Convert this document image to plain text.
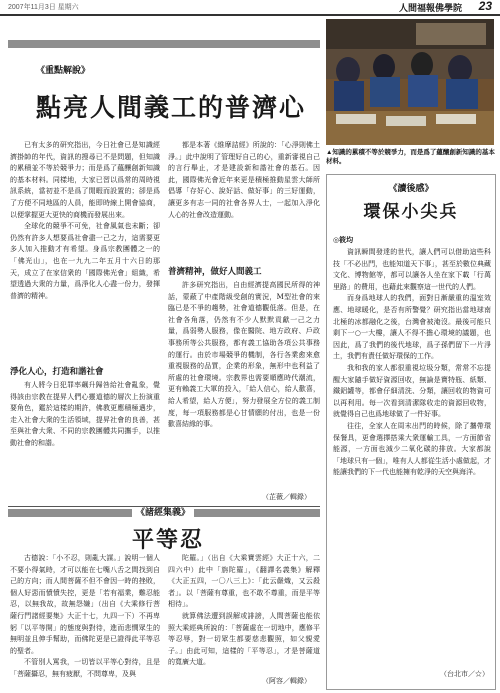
2007年11月3日 星期六	人間福報佛學院 23
《重點解說》
點亮人間義工的普濟心

已有太多的研究指出，今日社會已是知識經濟掛帥的年代，資訊的搜尋已不是問題，但知識的累積並不等於競爭力；而是爲了蘊釀創新知識的基本材料。同樣地，大家已習以爲常的周時視訊系統，當初並不是爲了閒暇而設置的；卻是爲了方便不同地區的人員，能即時線上開會協商，以便掌握更大更快的商機而發展出來。

全球化的競爭不可免，社會風氣也未斷；卻仍然有許多人想要爲社會盡一己之力，這需要更多人加入推動才有希望。身爲宗教團體之一的「佛光山」，也在一九九二年五月十六日的那天，成立了在家信衆的「國際佛光會」組織，希望透過大衆的力量，爲淨化人心盡一份力，發揮普濟的精神。

淨化人心，打造和諧社會

有人將今日犯罪率飆升歸咎給社會亂象，覺得該由宗教在提昇人們心靈道德的層次上扮演重要角色，鑑於這樣的期許，佛教更應積極邁步，走入社會大衆的生活領域，提昇社會的良善，甚至與社會大衆、不同的宗教團體共同攜手，以推動社會的和諧。

都是本著《維摩詰經》所說的：「心淨則佛土淨。」此中說明了管理好自己的心，重新審視自己的言行舉止，才是建設新和諧社會的基石。因此，國際佛光會近年來更是積極推動星雲大師所倡導「存好心、說好話、做好事」的三好運動，讓更多有志一同的社會各界人士，一起加入淨化人心的社會改造運動。

普濟精神，做好人間義工

許多研究指出，自由經濟提高國民所得的神話，蒙蔽了中產階級受創的實況，M型社會的來臨已是不爭的趨勢，社會道德觀低落。但是，在社會各角落，仍然有不少人默默貢獻一己之力量，爲弱勢人服務，像在醫院、地方政府、戶政事務所等公共服務，都有義工協助各項公共事務的運行。由於市場競爭的機制，各行各業愈來愈重視服務的品質，企業的形象，無形中也利益了所處的社會環境。宗教界也需要順應時代潮流，更有賴義工大軍的投入，「給人信心，給人歡喜，給人希望，給人方便」，努力發展全方位的義工制度，每一項服務都是心甘情願的付出，也是一份歡喜結緣的事。

（芷薇／輯錄）
《諸經集義》
平等忍

古德說：「小不忍，則亂大謀。」說明一個人不要小得氣時，才可以能在七嘴八舌之間找到自己的方向；而人間菩薩不但不會因一時的挫敗，個人好惡而憤憤失控，更是「若有福業，難忍能忍，以無我故，故無怨嫌」（出自《大乘修行菩薩行門諸經要集》大正十七，九四一下）不再卑躬「以平等開」的態度與對待，進而悲憫眾生的無明並且伸手幫助，而佛陀更是已證得此平等忍的聖者。

不管別人罵我，一切皆以平等心對待，且是「菩薩攝忍，無有疲厭，不問尊卑，及與

陀羅。」（出自《大乘寶雲經》大正十六，二四六中）此中「旃陀羅」，《翻譯名義集》解釋《大正五四，一〇八三上》：「此云嚴熾，又云殺者」。以「菩薩有尊重，也不敢不尊重，而是平等相待」。

就算佛法遭到誤解或誹謗，人間菩薩也能依照大乘經典所說的：「菩薩處在一切地中，應修平等忍辱，對一切眾生都要慈悲觀照，如父親愛子。」由此可知，這樣的「平等忍」，才是菩薩道的寬廣大道。

（阿容／輯錄）
▲知識的累積不等於競爭力，而是爲了蘊釀創新知識的基本材料。
《讀後感》
環保小尖兵
◎筱均

資訊瞬間發達的世代，讓人們可以借助這些科技「不必出門，也能知道天下事」，甚至於數位典藏文化、博物館等，都可以讓各人坐在家下載「行萬里路」的費用，也藉此來觀察這一世代的人們。

而身爲地球人的我們，面對日漸嚴重的溫室效應、地球暖化，是否有所警覺？研究指出當地球南北極的冰都融化之後，台灣會被淹沒。最後可能只剩下一○一大樓，讓人不得不擔心環境的議題，也因此，爲了我們的後代地球，爲子孫們留下一片淨土，我們有責任做好環保的工作。

我和我的家人都很重視垃圾分類，常常不忘提醒大家隨手做好資源回收，無論是寶特瓶、紙類、鐵鋁罐等，都會仔細清洗、分類，讓回收的物資可以再利用。每一次看到清潔隊收走的資源回收物，就覺得自己也爲地球做了一件好事。

往往，全家人在周末出門的時候，除了攜帶環保餐具，更會選擇搭乘大衆運輸工具，一方面節省能源，一方面也減少二氧化碳的排放。大家都說「地球只有一個」，唯有人人都從生活小處做起，才能讓我們的下一代也能擁有乾淨的天空與海洋。

（台北市／☆）
